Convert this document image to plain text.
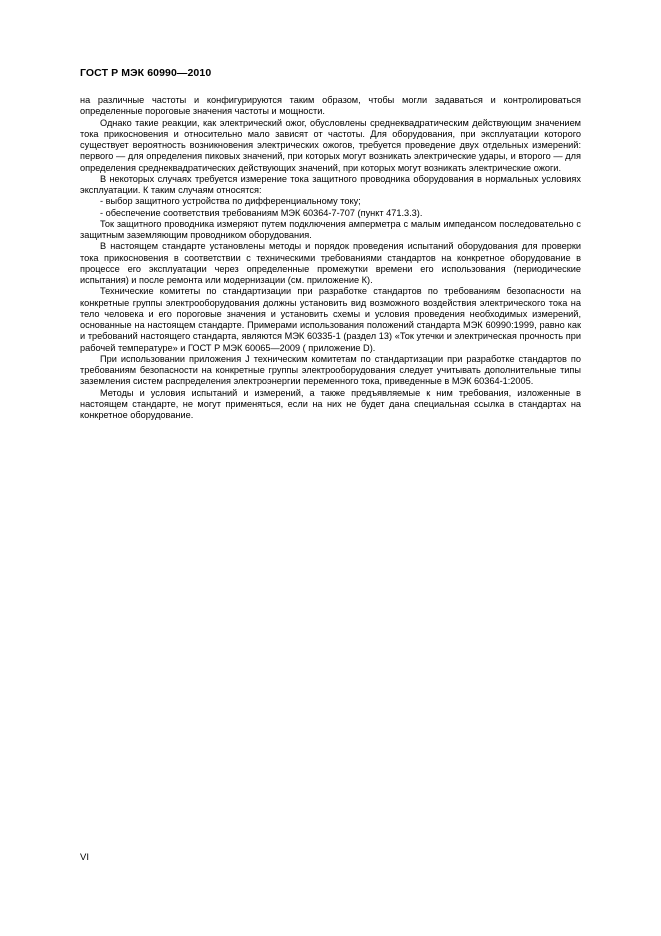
ГОСТ Р МЭК 60990—2010

на различные частоты и конфигурируются таким образом, чтобы могли задаваться и контролироваться определенные пороговые значения частоты и мощности.

Однако такие реакции, как электрический ожог, обусловлены среднеквадратическим действующим значением тока прикосновения и относительно мало зависят от частоты. Для оборудования, при эксплуатации которого существует вероятность возникновения электрических ожогов, требуется проведение двух отдельных измерений: первого — для определения пиковых значений, при которых могут возникать электрические удары, и второго — для определения среднеквадратических действующих значений, при которых могут возникать электрические ожоги.

В некоторых случаях требуется измерение тока защитного проводника оборудования в нормальных условиях эксплуатации. К таким случаям относятся:

- выбор защитного устройства по дифференциальному току;

- обеспечение соответствия требованиям МЭК 60364-7-707 (пункт 471.3.3).

Ток защитного проводника измеряют путем подключения амперметра с малым импедансом последовательно с защитным заземляющим проводником оборудования.

В настоящем стандарте установлены методы и порядок проведения испытаний оборудования для проверки тока прикосновения в соответствии с техническими требованиями стандартов на конкретное оборудование в процессе его эксплуатации через определенные промежутки времени его использования (периодические испытания) и после ремонта или модернизации (см. приложение К).

Технические комитеты по стандартизации при разработке стандартов по требованиям безопасности на конкретные группы электрооборудования должны установить вид возможного воздействия электрического тока на тело человека и его пороговые значения и установить схемы и условия проведения необходимых измерений, основанные на настоящем стандарте. Примерами использования положений стандарта МЭК 60990:1999, равно как и требований настоящего стандарта, являются МЭК 60335-1 (раздел 13) «Ток утечки и электрическая прочность при рабочей температуре» и ГОСТ Р МЭК 60065—2009 ( приложение D).

При использовании приложения J техническим комитетам по стандартизации при разработке стандартов по требованиям безопасности на конкретные группы электрооборудования следует учитывать дополнительные типы заземления систем распределения электроэнергии переменного тока, приведенные в МЭК 60364-1:2005.

Методы и условия испытаний и измерений, а также предъявляемые к ним требования, изложенные в настоящем стандарте, не могут применяться, если на них не будет дана специальная ссылка в стандартах на конкретное оборудование.

VI
